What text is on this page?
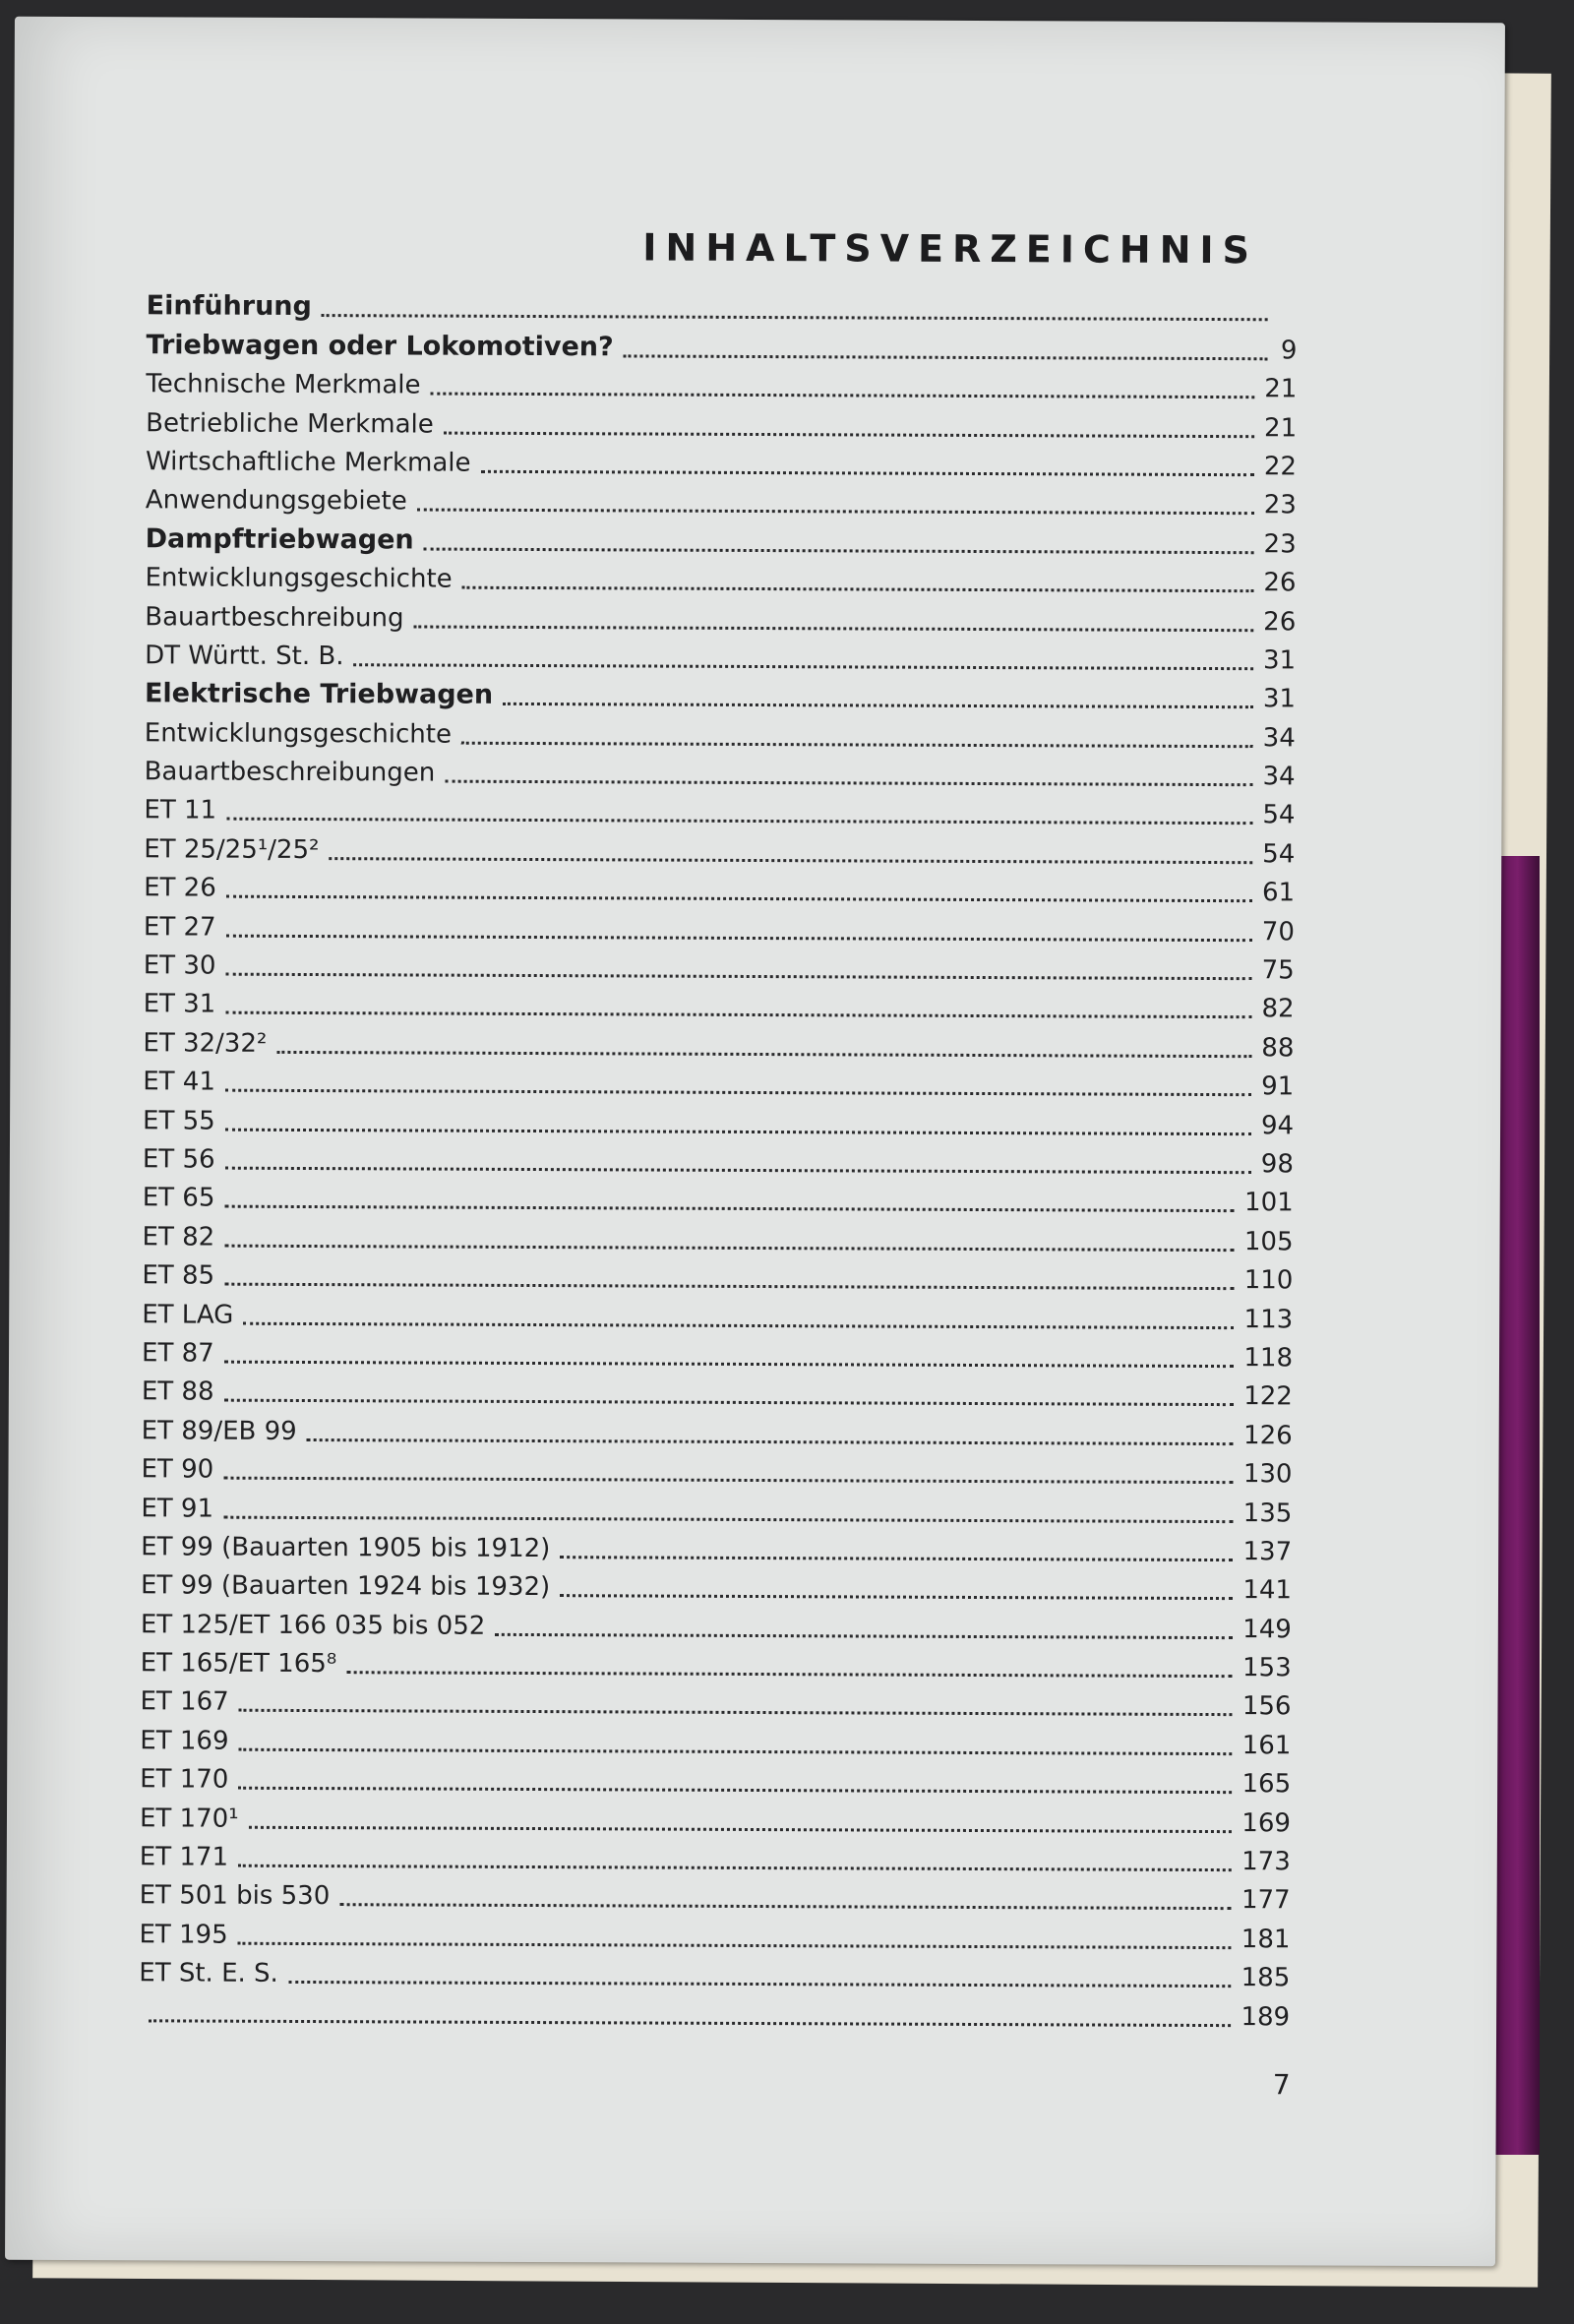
INHALTSVERZEICHNIS
Einführung
Triebwagen oder Lokomotiven?	9
Technische Merkmale	21
Betriebliche Merkmale	21
Wirtschaftliche Merkmale	22
Anwendungsgebiete	23
Dampftriebwagen	23
Entwicklungsgeschichte	26
Bauartbeschreibung	26
DT Württ. St. B.	31
Elektrische Triebwagen	31
Entwicklungsgeschichte	34
Bauartbeschreibungen	34
ET 11	54
ET 25/25¹/25²	54
ET 26	61
ET 27	70
ET 30	75
ET 31	82
ET 32/32²	88
ET 41	91
ET 55	94
ET 56	98
ET 65	101
ET 82	105
ET 85	110
ET LAG	113
ET 87	118
ET 88	122
ET 89/EB 99	126
ET 90	130
ET 91	135
ET 99 (Bauarten 1905 bis 1912)	137
ET 99 (Bauarten 1924 bis 1932)	141
ET 125/ET 166 035 bis 052	149
ET 165/ET 165⁸	153
ET 167	156
ET 169	161
ET 170	165
ET 170¹	169
ET 171	173
ET 501 bis 530	177
ET 195	181
ET St. E. S.	185
189
7
